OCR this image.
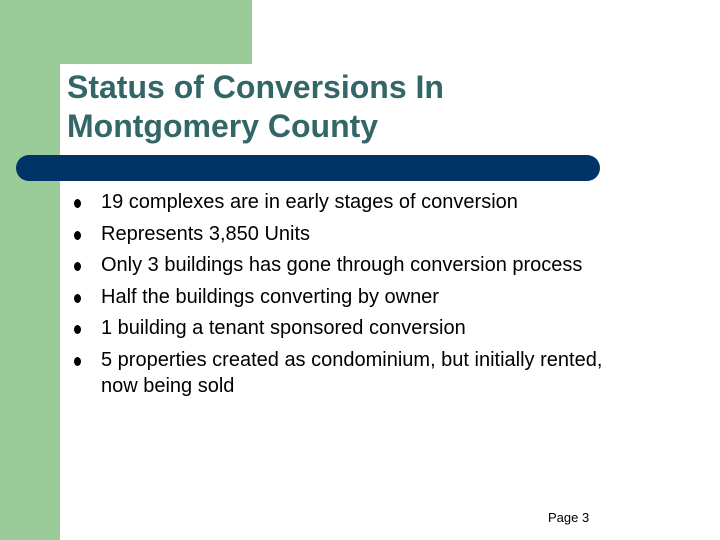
Status of Conversions In
Montgomery County
19 complexes are in early stages of conversion
Represents 3,850 Units
Only 3 buildings has gone through conversion process
Half the buildings converting by owner
1 building a tenant sponsored conversion
5 properties created as condominium, but initially rented, now being sold
Page 3
